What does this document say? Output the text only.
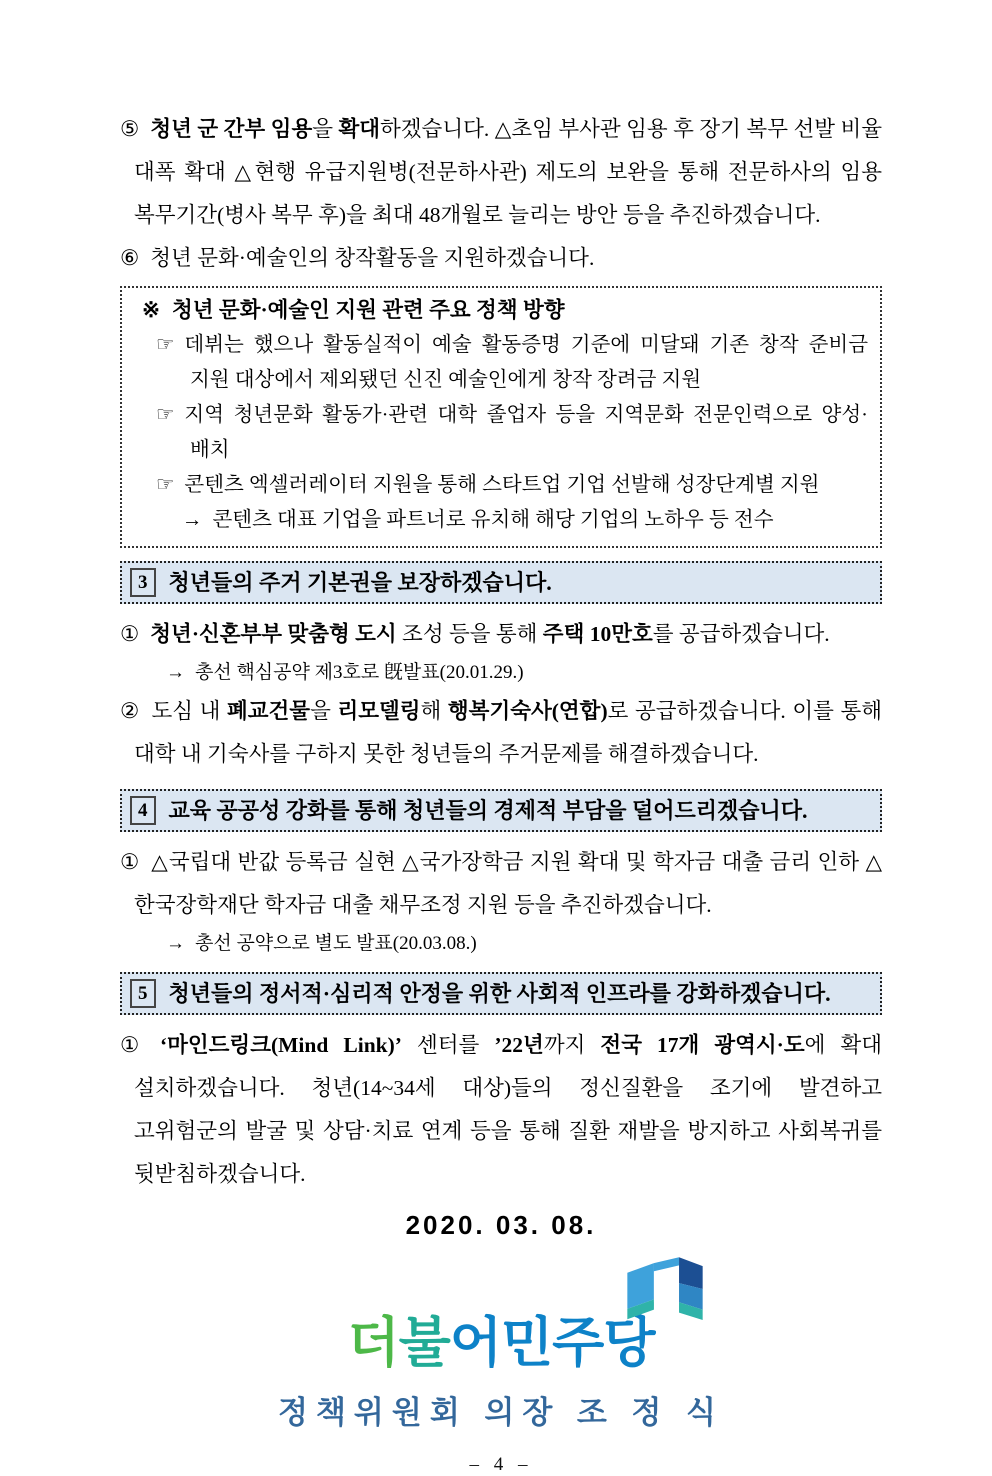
⑤ 청년 군 간부 임용을 확대하겠습니다. △초임 부사관 임용 후 장기 복무 선발 비율 대폭 확대 △현행 유급지원병(전문하사관) 제도의 보완을 통해 전문하사의 임용 복무기간(병사 복무 후)을 최대 48개월로 늘리는 방안 등을 추진하겠습니다.

⑥ 청년 문화·예술인의 창작활동을 지원하겠습니다.

※ 청년 문화·예술인 지원 관련 주요 정책 방향
☞ 데뷔는 했으나 활동실적이 예술 활동증명 기준에 미달돼 기존 창작 준비금 지원 대상에서 제외됐던 신진 예술인에게 창작 장려금 지원
☞ 지역 청년문화 활동가·관련 대학 졸업자 등을 지역문화 전문인력으로 양성·배치
☞ 콘텐츠 엑셀러레이터 지원을 통해 스타트업 기업 선발해 성장단계별 지원
→ 콘텐츠 대표 기업을 파트너로 유치해 해당 기업의 노하우 등 전수
3 청년들의 주거 기본권을 보장하겠습니다.

① 청년·신혼부부 맞춤형 도시 조성 등을 통해 주택 10만호를 공급하겠습니다.

→ 총선 핵심공약 제3호로 旣발표(20.01.29.)

② 도심 내 폐교건물을 리모델링해 행복기숙사(연합)로 공급하겠습니다. 이를 통해 대학 내 기숙사를 구하지 못한 청년들의 주거문제를 해결하겠습니다.

4 교육 공공성 강화를 통해 청년들의 경제적 부담을 덜어드리겠습니다.

① △국립대 반값 등록금 실현 △국가장학금 지원 확대 및 학자금 대출 금리 인하 △한국장학재단 학자금 대출 채무조정 지원 등을 추진하겠습니다.

→ 총선 공약으로 별도 발표(20.03.08.)

5 청년들의 정서적·심리적 안정을 위한 사회적 인프라를 강화하겠습니다.

① ‘마인드링크(Mind Link)’ 센터를 ’22년까지 전국 17개 광역시·도에 확대 설치하겠습니다. 청년(14~34세 대상)들의 정신질환을 조기에 발견하고 고위험군의 발굴 및 상담·치료 연계 등을 통해 질환 재발을 방지하고 사회복귀를 뒷받침하겠습니다.

2020. 03. 08.
더불어민주당
정책위원회 의장 조 정 식
– 4 –
